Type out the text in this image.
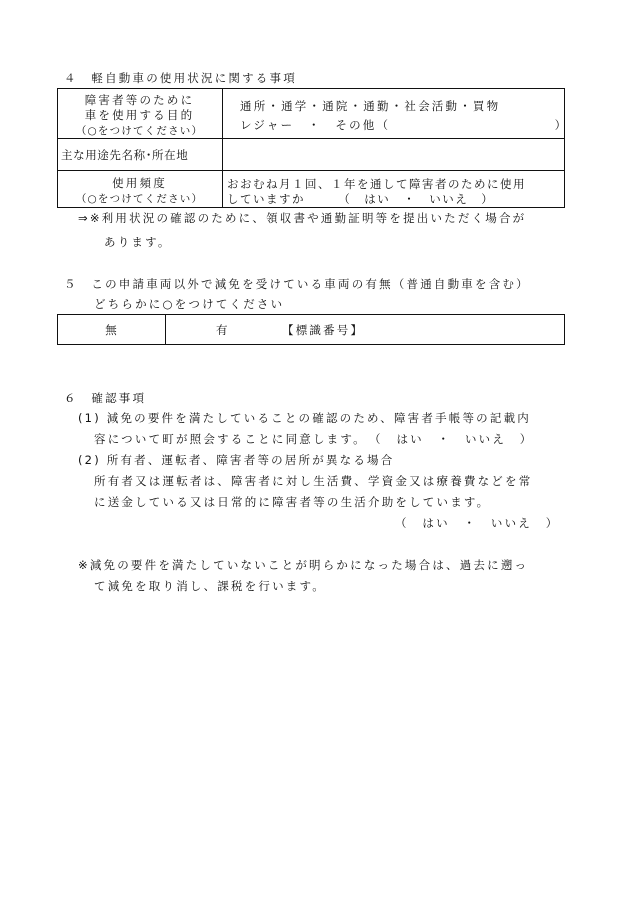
４　軽自動車の使用状況に関する事項
障害者等のために
車を使用する目的
（○をつけてください）
通所・通学・通院・通勤・社会活動・買物
レジャー　・　その他（　　　　　　　　　　　　）
主な用途先名称･所在地
使用頻度
（○をつけてください）
おおむね月１回、１年を通して障害者のために使用
していますか　　　（　はい　・　いいえ　）
⇒※利用状況の確認のために、領収書や通勤証明等を提出いただく場合が
あります。
５　この申請車両以外で減免を受けている車両の有無（普通自動車を含む）
どちらかに○をつけてください
無	有	【標識番号】
６　確認事項
(1) 減免の要件を満たしていることの確認のため、障害者手帳等の記載内
容について町が照会することに同意します。　（　はい　・　いいえ　）
(2) 所有者、運転者、障害者等の居所が異なる場合
所有者又は運転者は、障害者に対し生活費、学資金又は療養費などを常
に送金している又は日常的に障害者等の生活介助をしています。
（　はい　・　いいえ　）
※減免の要件を満たしていないことが明らかになった場合は、過去に遡っ
て減免を取り消し、課税を行います。
